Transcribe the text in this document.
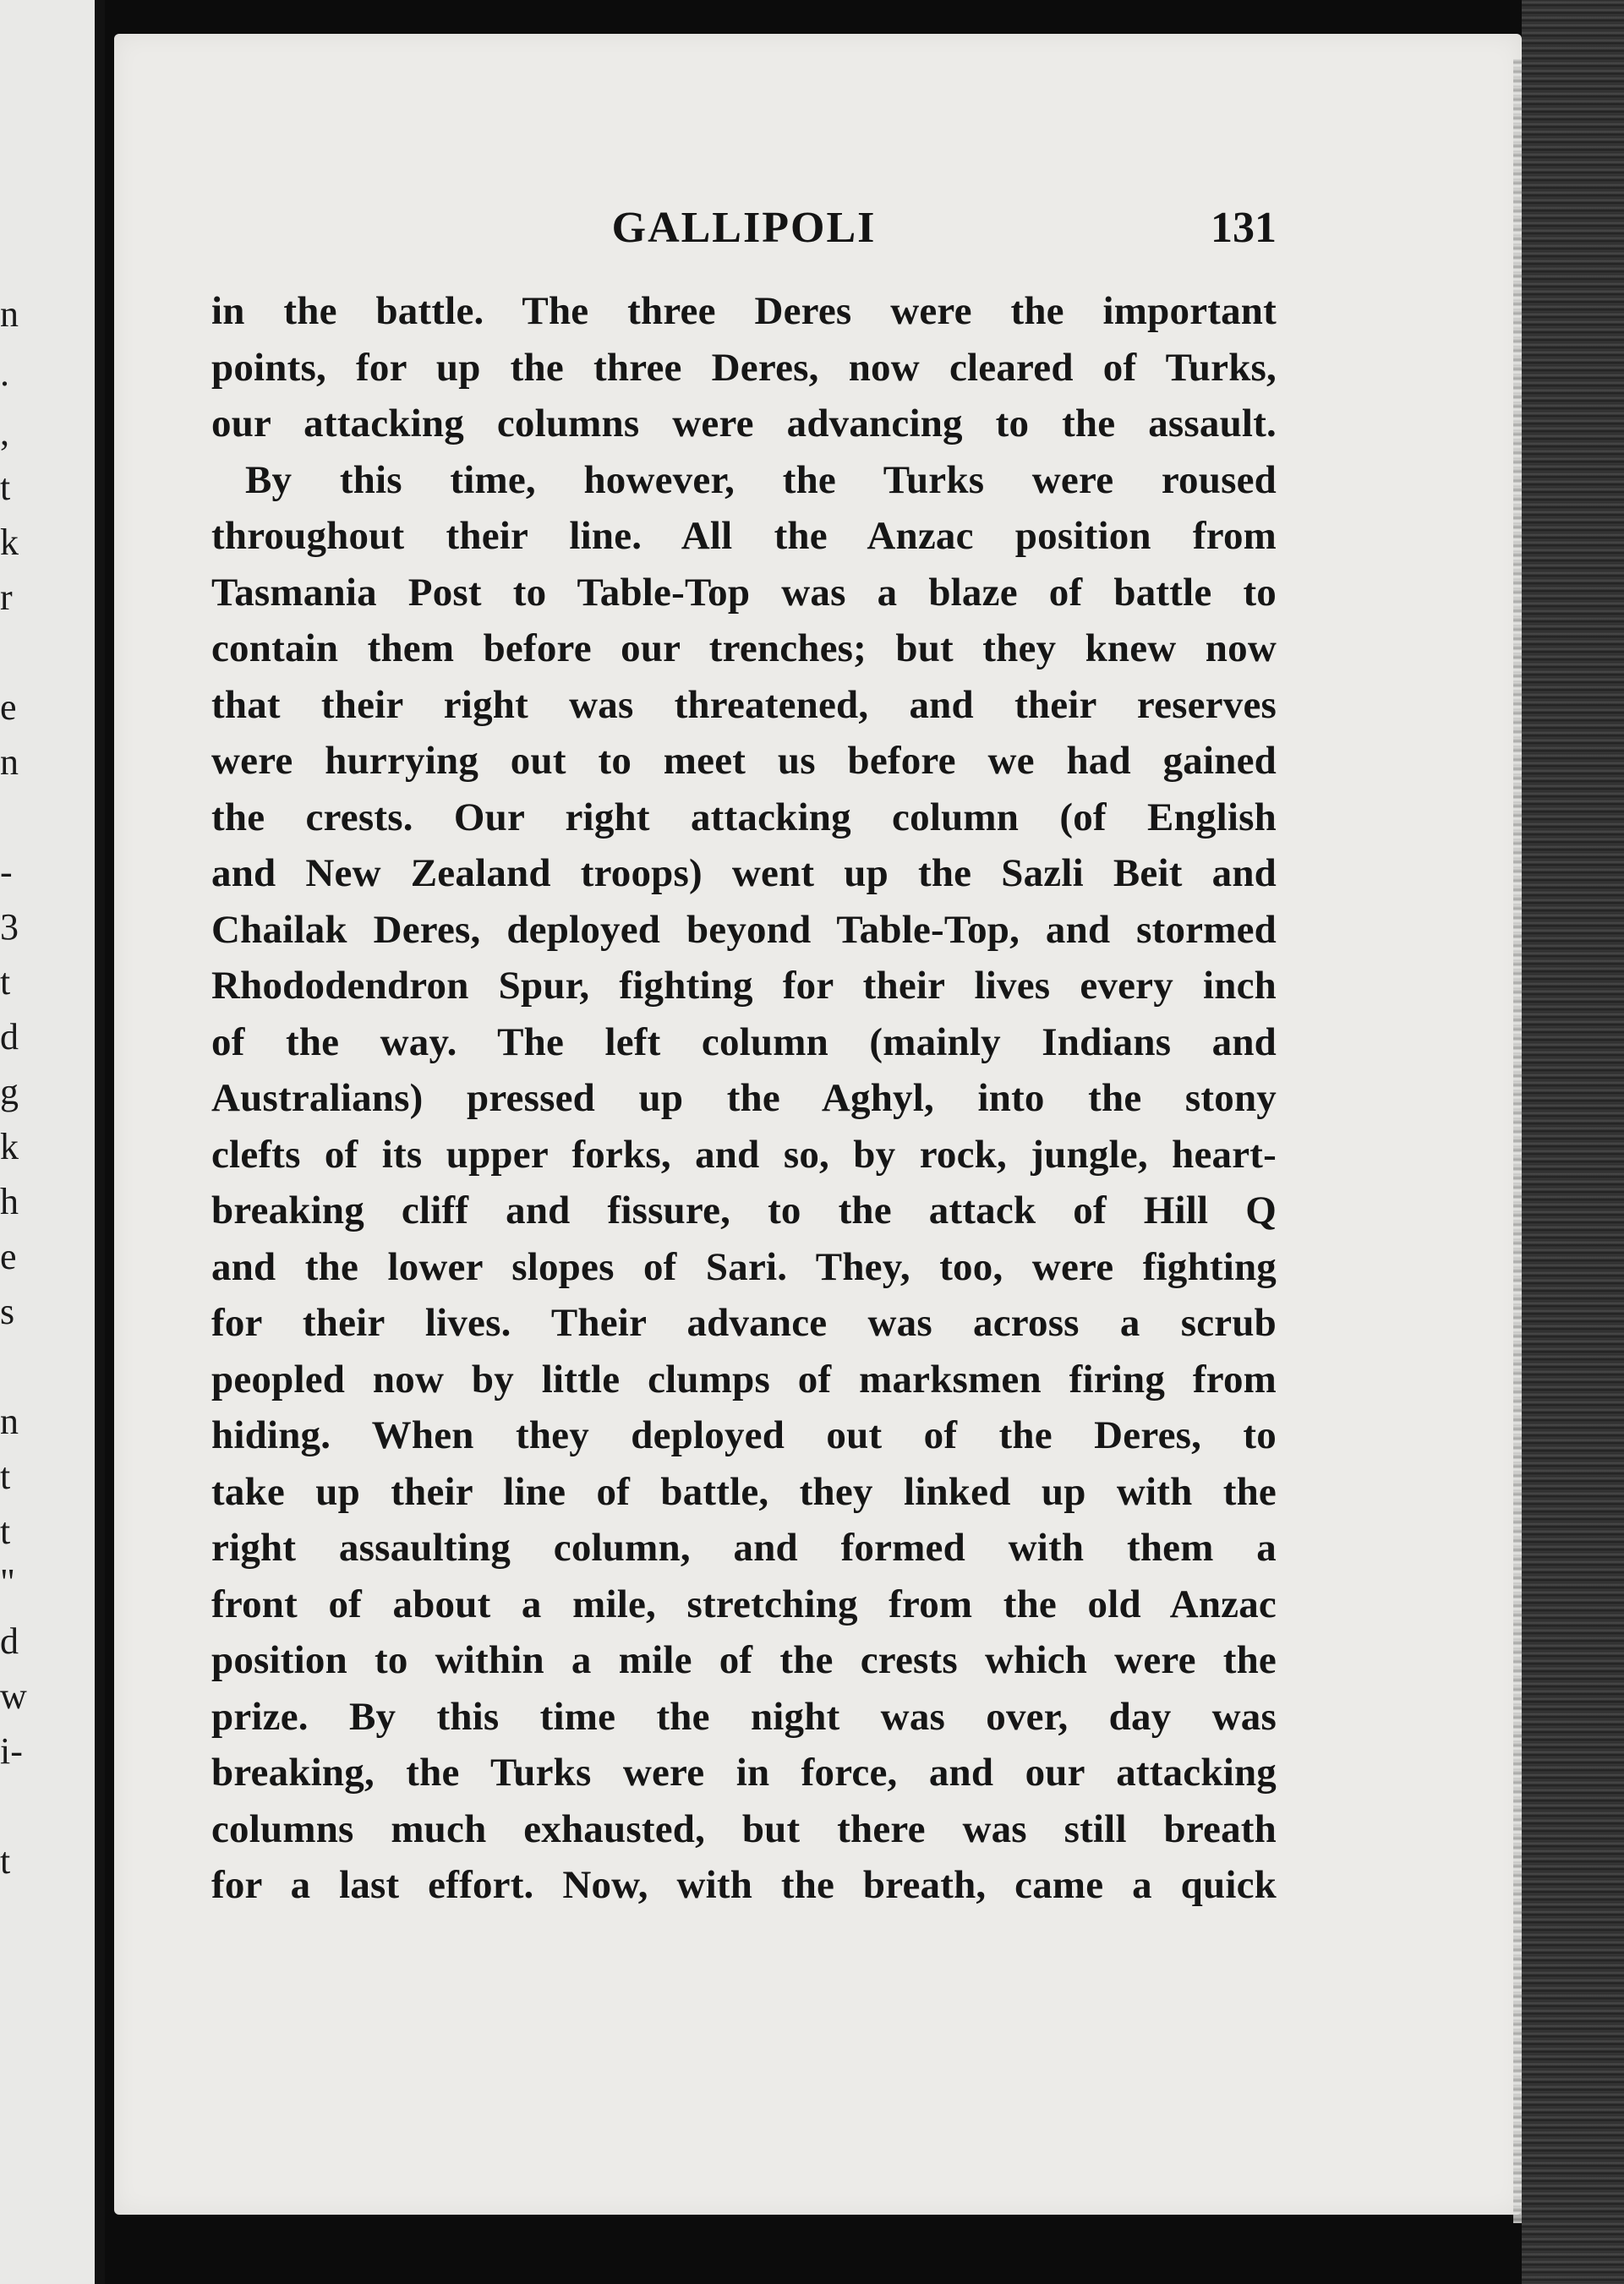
n
.
,
t
k
r
e
n
-
3
t
d
g
k
h
e
s
n
t
t
"
d
w
i-
t
GALLIPOLI	131
in the battle. The three Deres were the important
points, for up the three Deres, now cleared of Turks,
our attacking columns were advancing to the assault.
By this time, however, the Turks were roused
throughout their line. All the Anzac position from
Tasmania Post to Table-Top was a blaze of battle to
contain them before our trenches; but they knew now
that their right was threatened, and their reserves
were hurrying out to meet us before we had gained
the crests. Our right attacking column (of English
and New Zealand troops) went up the Sazli Beit and
Chailak Deres, deployed beyond Table-Top, and stormed
Rhododendron Spur, fighting for their lives every inch
of the way. The left column (mainly Indians and
Australians) pressed up the Aghyl, into the stony
clefts of its upper forks, and so, by rock, jungle, heart-
breaking cliff and fissure, to the attack of Hill Q
and the lower slopes of Sari. They, too, were fighting
for their lives. Their advance was across a scrub
peopled now by little clumps of marksmen firing from
hiding. When they deployed out of the Deres, to
take up their line of battle, they linked up with the
right assaulting column, and formed with them a
front of about a mile, stretching from the old Anzac
position to within a mile of the crests which were the
prize. By this time the night was over, day was
breaking, the Turks were in force, and our attacking
columns much exhausted, but there was still breath
for a last effort. Now, with the breath, came a quick
